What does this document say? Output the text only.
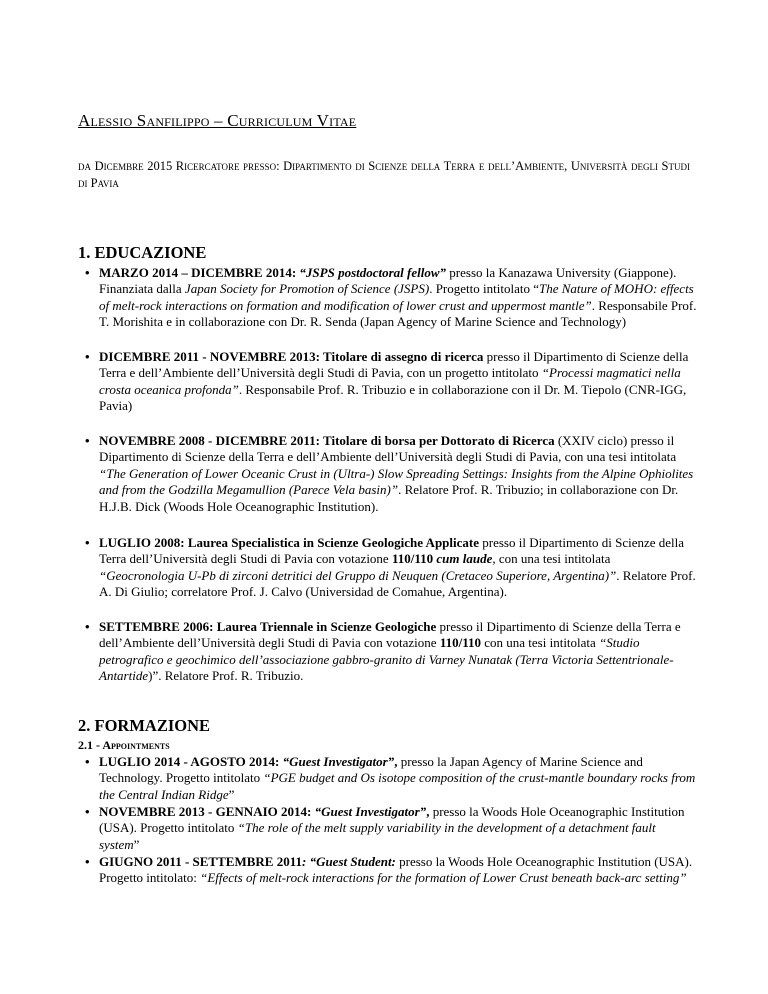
Alessio Sanfilippo – Curriculum Vitae
da Dicembre 2015 Ricercatore presso: Dipartimento di Scienze della Terra e dell’Ambiente, Università degli Studi di Pavia
1. EDUCAZIONE
• MARZO 2014 – DICEMBRE 2014: “JSPS postdoctoral fellow” presso la Kanazawa University (Giappone). Finanziata dalla Japan Society for Promotion of Science (JSPS). Progetto intitolato “The Nature of MOHO: effects of melt-rock interactions on formation and modification of lower crust and uppermost mantle”. Responsabile Prof. T. Morishita e in collaborazione con Dr. R. Senda (Japan Agency of Marine Science and Technology)
• DICEMBRE 2011 - NOVEMBRE 2013: Titolare di assegno di ricerca presso il Dipartimento di Scienze della Terra e dell’Ambiente dell’Università degli Studi di Pavia, con un progetto intitolato “Processi magmatici nella crosta oceanica profonda”. Responsabile Prof. R. Tribuzio e in collaborazione con il Dr. M. Tiepolo (CNR-IGG, Pavia)
• NOVEMBRE 2008 - DICEMBRE 2011: Titolare di borsa per Dottorato di Ricerca (XXIV ciclo) presso il Dipartimento di Scienze della Terra e dell’Ambiente dell’Università degli Studi di Pavia, con una tesi intitolata “The Generation of Lower Oceanic Crust in (Ultra-) Slow Spreading Settings: Insights from the Alpine Ophiolites and from the Godzilla Megamullion (Parece Vela basin)”. Relatore Prof. R. Tribuzio; in collaborazione con Dr. H.J.B. Dick (Woods Hole Oceanographic Institution).
• LUGLIO 2008: Laurea Specialistica in Scienze Geologiche Applicate presso il Dipartimento di Scienze della Terra dell’Università degli Studi di Pavia con votazione 110/110 cum laude, con una tesi intitolata “Geocronologia U-Pb di zirconi detritici del Gruppo di Neuquen (Cretaceo Superiore, Argentina)”. Relatore Prof. A. Di Giulio; correlatore Prof. J. Calvo (Universidad de Comahue, Argentina).
• SETTEMBRE 2006: Laurea Triennale in Scienze Geologiche presso il Dipartimento di Scienze della Terra e dell’Ambiente dell’Università degli Studi di Pavia con votazione 110/110 con una tesi intitolata “Studio petrografico e geochimico dell’associazione gabbro-granito di Varney Nunatak (Terra Victoria Settentrionale-Antartide)”. Relatore Prof. R. Tribuzio.
2. FORMAZIONE
2.1 - Appointments
• LUGLIO 2014 - AGOSTO 2014: “Guest Investigator”, presso la Japan Agency of Marine Science and Technology. Progetto intitolato “PGE budget and Os isotope composition of the crust-mantle boundary rocks from the Central Indian Ridge”
• NOVEMBRE 2013 - GENNAIO 2014: “Guest Investigator”, presso la Woods Hole Oceanographic Institution (USA). Progetto intitolato “The role of the melt supply variability in the development of a detachment fault system”
• GIUGNO 2011 - SETTEMBRE 2011: “Guest Student: presso la Woods Hole Oceanographic Institution (USA). Progetto intitolato: “Effects of melt-rock interactions for the formation of Lower Crust beneath back-arc setting”
